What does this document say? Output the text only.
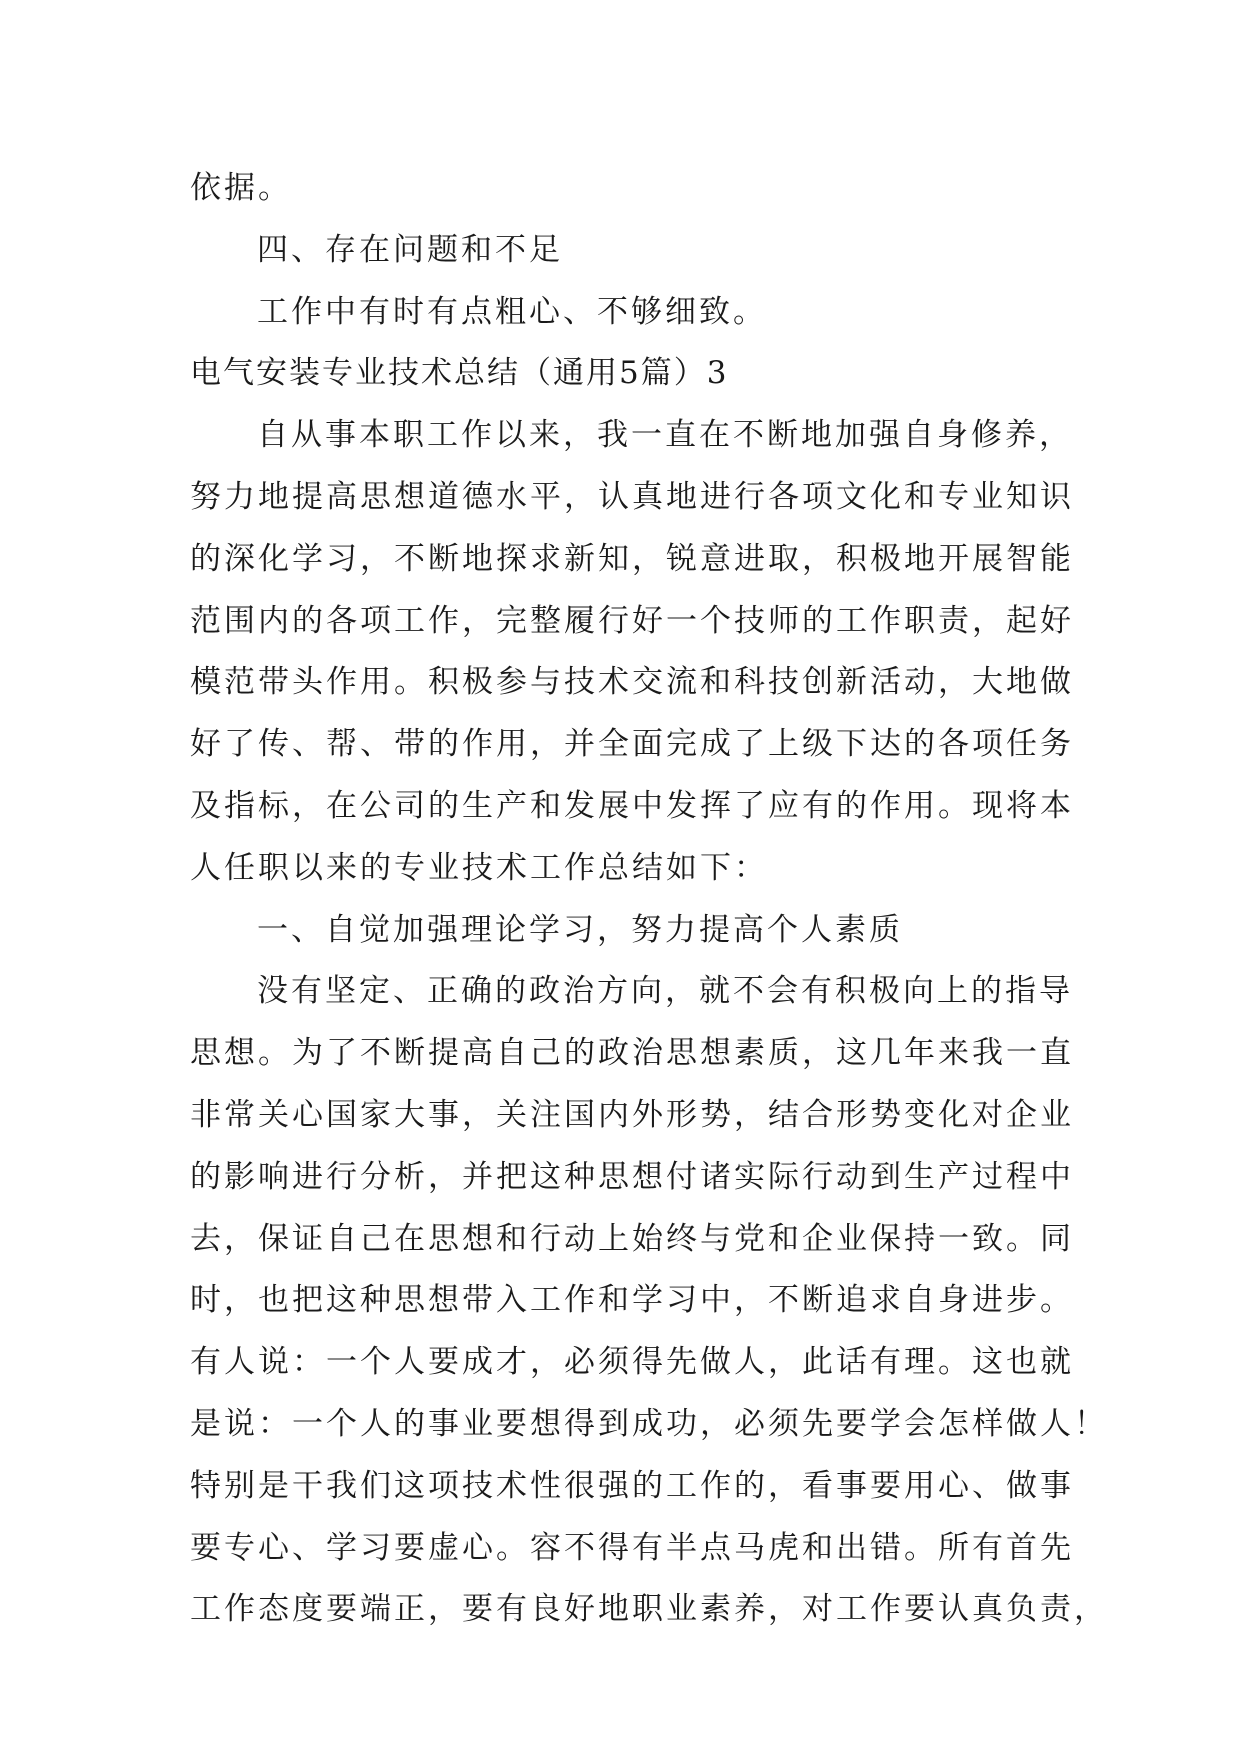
依据。
四、存在问题和不足
工作中有时有点粗心、不够细致。
电气安装专业技术总结（通用5篇）3
自从事本职工作以来，我一直在不断地加强自身修养，
努力地提高思想道德水平，认真地进行各项文化和专业知识
的深化学习，不断地探求新知，锐意进取，积极地开展智能
范围内的各项工作，完整履行好一个技师的工作职责，起好
模范带头作用。积极参与技术交流和科技创新活动，大地做
好了传、帮、带的作用，并全面完成了上级下达的各项任务
及指标，在公司的生产和发展中发挥了应有的作用。现将本
人任职以来的专业技术工作总结如下：
一、自觉加强理论学习，努力提高个人素质
没有坚定、正确的政治方向，就不会有积极向上的指导
思想。为了不断提高自己的政治思想素质，这几年来我一直
非常关心国家大事，关注国内外形势，结合形势变化对企业
的影响进行分析，并把这种思想付诸实际行动到生产过程中
去，保证自己在思想和行动上始终与党和企业保持一致。同
时，也把这种思想带入工作和学习中，不断追求自身进步。
有人说：一个人要成才，必须得先做人，此话有理。这也就
是说：一个人的事业要想得到成功，必须先要学会怎样做人！
特别是干我们这项技术性很强的工作的，看事要用心、做事
要专心、学习要虚心。容不得有半点马虎和出错。所有首先
工作态度要端正，要有良好地职业素养，对工作要认真负责，
